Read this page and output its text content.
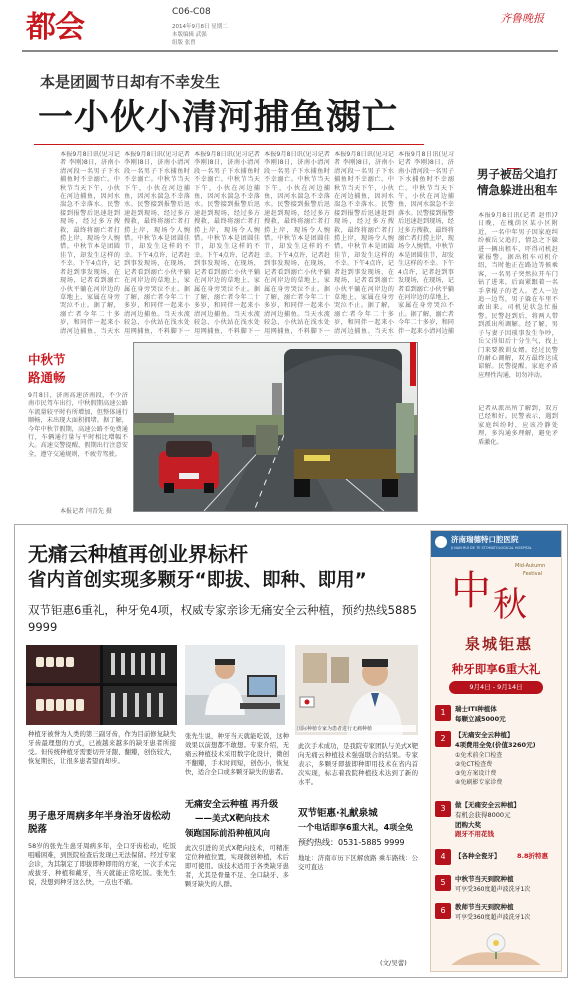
都会	C06-C08
2014年9月8日 星期二
本版编辑 武强
组版 张曾
齐鲁晚报
本是团圆节日却有不幸发生
一小伙小清河捕鱼溺亡
本报9月8日讯(见习记者 李刚)8日，济南小清河段一名男子下水捕鱼时不幸溺亡。中秋节当天下午，小伙在河边捕鱼，因河水湍急不幸落水。民警接到报警后迅速赶到现场，经过多方搜救，最终将溺亡者打捞上岸，现场令人惋惜。中秋节本是团圆佳节，却发生这样的不幸。下午4点许，记者赶到事发现场，在现场，记者看到溺亡小伙平躺在河岸边的草地上，家属在身旁哭泣不止。据了解，溺亡者今年二十多岁，和同伴一起来小清河边捕鱼。当天水
本报9月8日讯(见习记者 李刚)8日，济南小清河段一名男子下水捕鱼时不幸溺亡。中秋节当天下午，小伙在河边捕鱼，因河水湍急不幸落水。民警接到报警后迅速赶到现场，经过多方搜救，最终将溺亡者打捞上岸，现场令人惋惜。中秋节本是团圆佳节，却发生这样的不幸。下午4点许，记者赶到事发现场，在现场，记者看到溺亡小伙平躺在河岸边的草地上，家属在身旁哭泣不止。据了解，溺亡者今年二十多岁，和同伴一起来小清河边捕鱼。当天水流较急，小伙站在浅水处用网捕鱼，不料脚下一
本报9月8日讯(见习记者 李刚)8日，济南小清河段一名男子下水捕鱼时不幸溺亡。中秋节当天下午，小伙在河边捕鱼，因河水湍急不幸落水。民警接到报警后迅速赶到现场，经过多方搜救，最终将溺亡者打捞上岸，现场令人惋惜。中秋节本是团圆佳节，却发生这样的不幸。下午4点许，记者赶到事发现场，在现场，记者看到溺亡小伙平躺在河岸边的草地上，家属在身旁哭泣不止。据了解，溺亡者今年二十多岁，和同伴一起来小清河边捕鱼。当天水流较急，小伙站在浅水处用网捕鱼，不料脚下一
本报9月8日讯(见习记者 李刚)8日，济南小清河段一名男子下水捕鱼时不幸溺亡。中秋节当天下午，小伙在河边捕鱼，因河水湍急不幸落水。民警接到报警后迅速赶到现场，经过多方搜救，最终将溺亡者打捞上岸，现场令人惋惜。中秋节本是团圆佳节，却发生这样的不幸。下午4点许，记者赶到事发现场，在现场，记者看到溺亡小伙平躺在河岸边的草地上，家属在身旁哭泣不止。据了解，溺亡者今年二十多岁，和同伴一起来小清河边捕鱼。当天水流较急，小伙站在浅水处用网捕鱼，不料脚下一
本报9月8日讯(见习记者 李刚)8日，济南小清河段一名男子下水捕鱼时不幸溺亡。中秋节当天下午，小伙在河边捕鱼，因河水湍急不幸落水。民警接到报警后迅速赶到现场，经过多方搜救，最终将溺亡者打捞上岸，现场令人惋惜。中秋节本是团圆佳节，却发生这样的不幸。下午4点许，记者赶到事发现场，在现场，记者看到溺亡小伙平躺在河岸边的草地上，家属在身旁哭泣不止。据了解，溺亡者今年二十多岁，和同伴一起来小清河边捕鱼。当天水
本报9月8日讯(见习记者 李刚)8日，济南小清河段一名男子下水捕鱼时不幸溺亡。中秋节当天下午，小伙在河边捕鱼，因河水湍急不幸落水。民警接到报警后迅速赶到现场，经过多方搜救，最终将溺亡者打捞上岸，现场令人惋惜。中秋节本是团圆佳节，却发生这样的不幸。下午4点许，记者赶到事发现场，在现场，记者看到溺亡小伙平躺在河岸边的草地上，家属在身旁哭泣不止。据了解，溺亡者今年二十多岁，和同伴一起来小清河边捕
男子被岳父追打
情急躲进出租车
本报9月8日讯(记者 赵伟)7日晚，在槐荫区某小区附近，一名中年男子因家庭纠纷被岳父追打，情急之下躲进一辆出租车，吓得司机赶紧报警。据出租车司机介绍，当时他正在路边等候乘客，一名男子突然拉开车门钻了进来，后面紧跟着一名手拿棍子的老人。老人一边追一边骂，男子躲在车里不敢出来。司机见状急忙报警。民警赶到后，将两人带到派出所调解。经了解，男子与妻子因琐事发生争吵，岳父得知后十分生气，找上门来要教训女婿。经过民警的耐心调解，双方最终达成谅解。民警提醒，家庭矛盾应理性沟通，切勿冲动。
记者从派出所了解到，双方已经和好。民警表示，遇到家庭纠纷时，应该冷静处理，多沟通多理解，避免矛盾激化。
中秋节
路通畅
9月8日，济南高速济南段，不少济南市民驾车出行，中秋假期高速公路车流量较平时有所增加，但整体通行顺畅，未出现大面积拥堵。据了解，今年中秋节假期，高速公路不免费通行，车辆通行量与平时相比增幅不大。高速交警提醒，假期出行注意安全，遵守交通规则，不疲劳驾驶。
本报记者 闫青先 摄
无痛云种植再创业界标杆
省内首创实现多颗牙“即拔、即种、即用”
双节钜惠6重礼，种牙免4项，权威专家亲诊无痛安全云种植，预约热线5885 9999
国际种植专家为患者进行无痛种植
种植牙被誉为人类的第三副牙齿，作为目前修复缺失牙齿最理想的方式，已被越来越多的缺牙患者所接受。但传统种植牙需要切开牙龈、翻瓣，创伤较大，恢复期长，让很多患者望而却步。
男子患牙周病多年半身治牙齿松动脱落
58岁的张先生患牙周病多年，全口牙齿松动，吃饭咀嚼困难，到医院检查后发现已无法保留。经过专家会诊，为其制定了即拔即种即用的方案，一次手术完成拔牙、种植和戴牙，当天就能正常吃饭。张先生说，没想到种牙这么快，一点也不痛。
张先生说，种牙当天就能吃饭，这种效果以前想都不敢想。专家介绍，无痛云种植技术采用数字化设计，微创不翻瓣，手术时间短，创伤小，恢复快，适合全口或多颗牙缺失的患者。
无痛安全云种植 再升级
——美式X靶向技术
领跑国际前沿种植风向
此次引进的美式X靶向技术，可精准定位种植位置，实现微创种植，术后即可使用。该技术适用于各类缺牙患者，尤其是骨量不足、全口缺牙、多颗牙缺失的人群。
此次手术成功，是我院专家团队与美式X靶向无痛云种植技术强强联合的结果。专家表示，多颗牙即拔即种即用技术在省内首次实现，标志着我院种植技术达到了新的水平。
双节钜惠·礼献泉城
一个电话即享6重大礼，4项全免
预约热线：0531-5885 9999
地址：济南市历下区解放路 乘车路线：公交可直达
(文/吴蕾)
济南瑞德特口腔医院
JI NAN RUI DE TE STOMATOLOGICAL HOSPITAL
中 秋
Mid-Autumn
Festival
泉城钜惠
种牙即享6重大礼
9月4日 - 9月14日
1	瑞士ITI种植体
每颗立减5000元
2	【无痛安全云种植】
4项费用全免(价值3260元)
①免术前全口检查
②免CT检查费
③免方案设计费
④免刷影专家诊费
3	做【无痛安全云种植】
有机会获得8000元
团购大奖
跟牙不用花钱
4	【各种全瓷牙】	8.8折特惠
5	中秋节当天到院种植
可享受360度超声波洗牙1次
6	教师节当天到院种植
可享受360度超声波洗牙1次
